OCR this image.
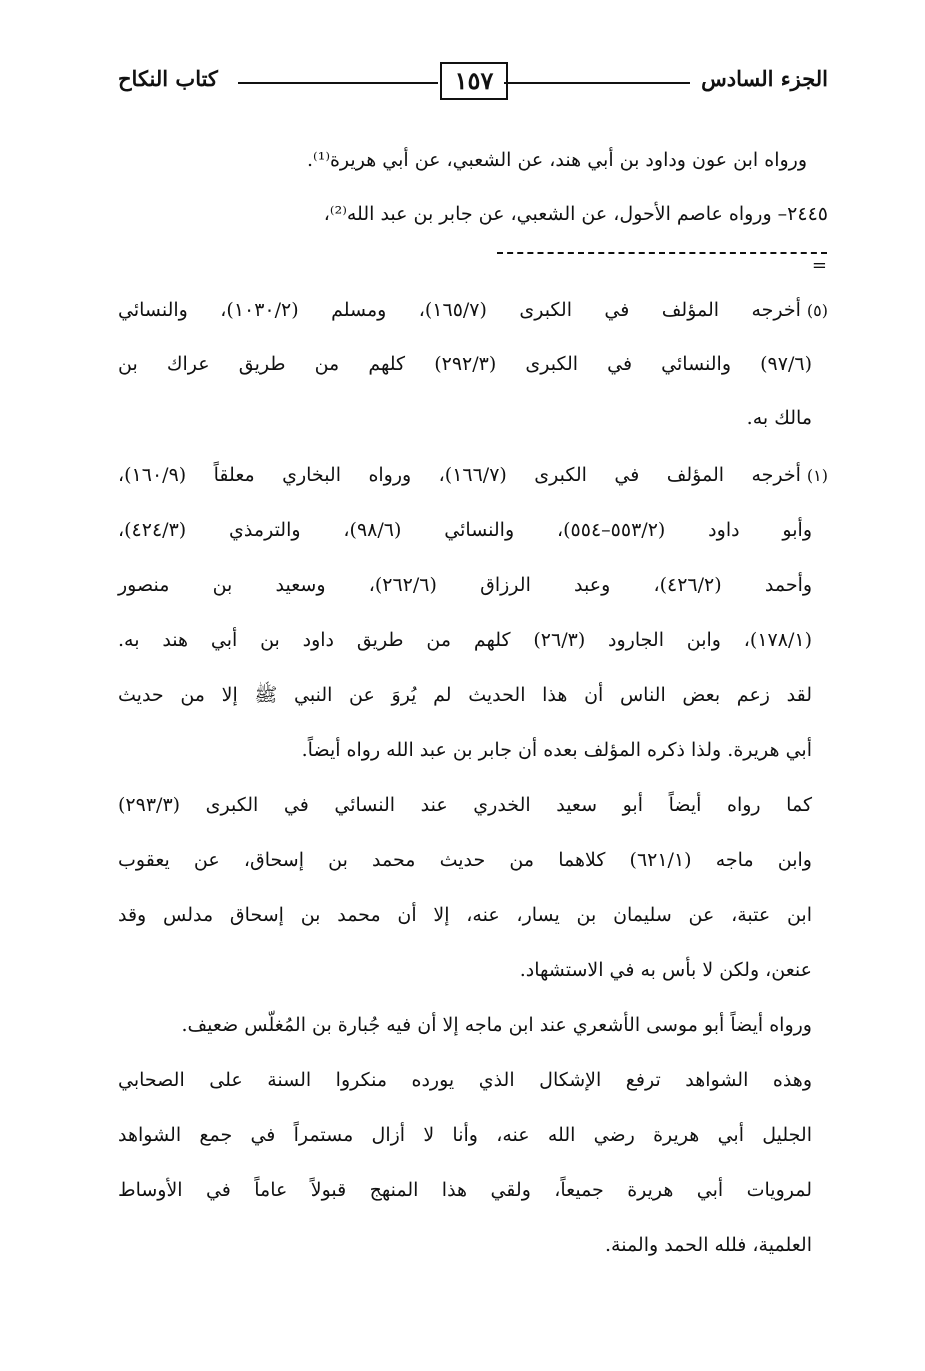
الجزء السادس
١٥٧
كتاب النكاح
ورواه ابن عون وداود بن أبي هند، عن الشعبي، عن أبي هريرة⁽¹⁾.
٢٤٤٥– ورواه عاصم الأحول، عن الشعبي، عن جابر بن عبد الله⁽²⁾،
=
(٥)أخرجه المؤلف في الكبرى (١٦٥/٧)، ومسلم (١٠٣٠/٢)، والنسائي
(٩٧/٦) والنسائي في الكبرى (٢٩٢/٣) كلهم من طريق عراك بن
مالك به.
(١)أخرجه المؤلف في الكبرى (١٦٦/٧)، ورواه البخاري معلقاً (١٦٠/٩)،
وأبو داود (٥٥٣/٢–٥٥٤)، والنسائي (٩٨/٦)، والترمذي (٤٢٤/٣)،
وأحمد (٤٢٦/٢)، وعبد الرزاق (٢٦٢/٦)، وسعيد بن منصور
(١٧٨/١)، وابن الجارود (٢٦/٣) كلهم من طريق داود بن أبي هند به.
لقد زعم بعض الناس أن هذا الحديث لم يُروَ عن النبي ﷺ إلا من حديث
أبي هريرة. ولذا ذكره المؤلف بعده أن جابر بن عبد الله رواه أيضاً.
كما رواه أيضاً أبو سعيد الخدري عند النسائي في الكبرى (٢٩٣/٣)
وابن ماجه (٦٢١/١) كلاهما من حديث محمد بن إسحاق، عن يعقوب
ابن عتبة، عن سليمان بن يسار، عنه، إلا أن محمد بن إسحاق مدلس وقد
عنعن، ولكن لا بأس به في الاستشهاد.
ورواه أيضاً أبو موسى الأشعري عند ابن ماجه إلا أن فيه جُبارة بن المُغلّس ضعيف.
وهذه الشواهد ترفع الإشكال الذي يورده منكروا السنة على الصحابي
الجليل أبي هريرة رضي الله عنه، وأنا لا أزال مستمراً في جمع الشواهد
لمرويات أبي هريرة جميعاً، ولقي هذا المنهج قبولاً عاماً في الأوساط
العلمية، فلله الحمد والمنة.
